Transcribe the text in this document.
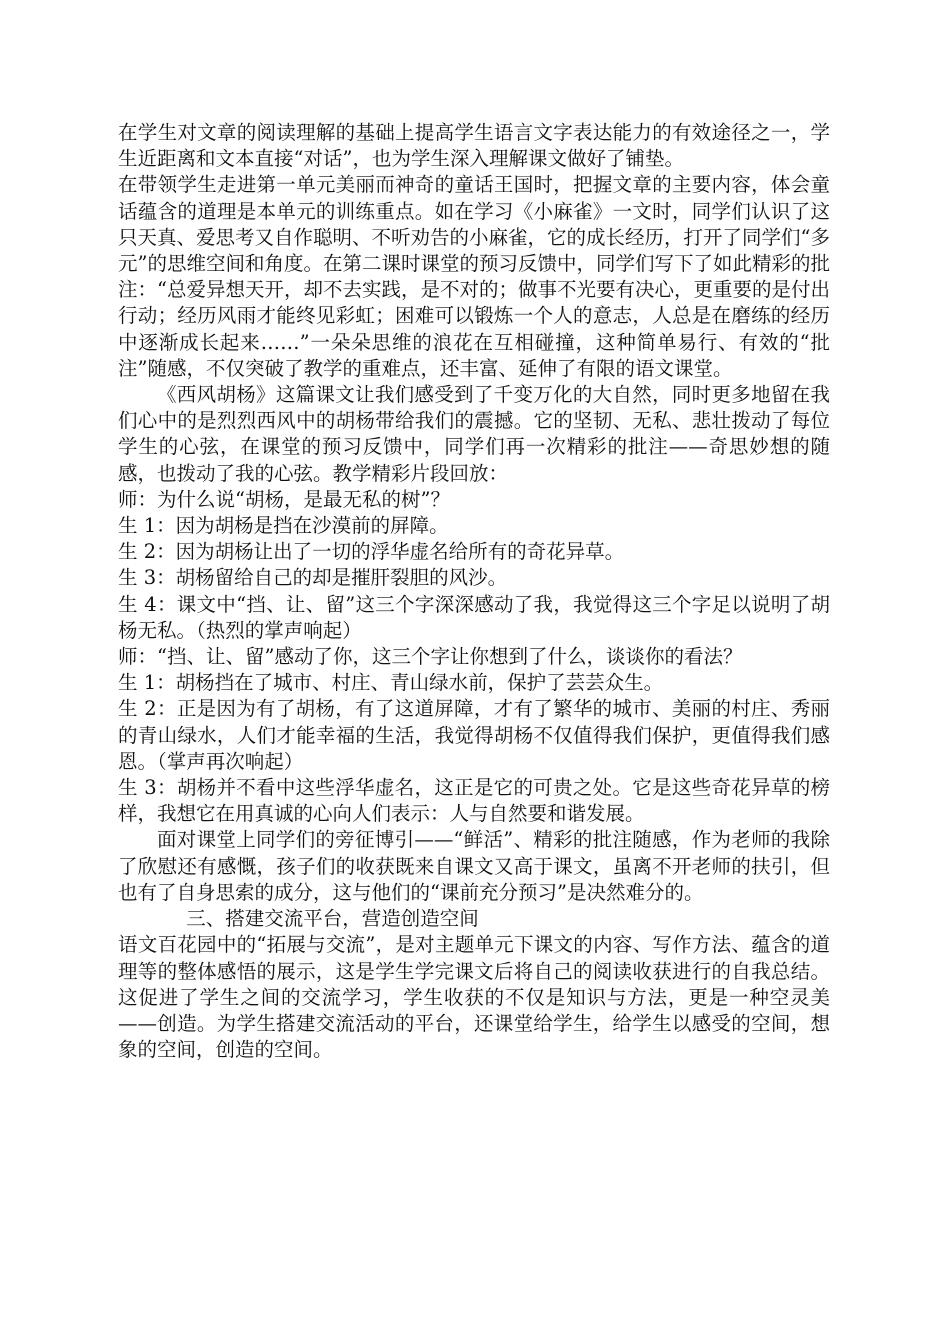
在学生对文章的阅读理解的基础上提高学生语言文字表达能力的有效途径之一，学生近距离和文本直接“对话”，也为学生深入理解课文做好了铺垫。

在带领学生走进第一单元美丽而神奇的童话王国时，把握文章的主要内容，体会童话蕴含的道理是本单元的训练重点。如在学习《小麻雀》一文时，同学们认识了这只天真、爱思考又自作聪明、不听劝告的小麻雀，它的成长经历，打开了同学们“多元”的思维空间和角度。在第二课时课堂的预习反馈中，同学们写下了如此精彩的批注：“总爱异想天开，却不去实践，是不对的；做事不光要有决心，更重要的是付出行动；经历风雨才能终见彩虹；困难可以锻炼一个人的意志，人总是在磨练的经历中逐渐成长起来……”一朵朵思维的浪花在互相碰撞，这种简单易行、有效的“批注”随感，不仅突破了教学的重难点，还丰富、延伸了有限的语文课堂。

《西风胡杨》这篇课文让我们感受到了千变万化的大自然，同时更多地留在我们心中的是烈烈西风中的胡杨带给我们的震撼。它的坚韧、无私、悲壮拨动了每位学生的心弦，在课堂的预习反馈中，同学们再一次精彩的批注——奇思妙想的随感，也拨动了我的心弦。教学精彩片段回放：

师：为什么说“胡杨，是最无私的树”？

生 1：因为胡杨是挡在沙漠前的屏障。

生 2：因为胡杨让出了一切的浮华虚名给所有的奇花异草。

生 3：胡杨留给自己的却是摧肝裂胆的风沙。

生 4：课文中“挡、让、留”这三个字深深感动了我，我觉得这三个字足以说明了胡杨无私。（热烈的掌声响起）

师：“挡、让、留”感动了你，这三个字让你想到了什么，谈谈你的看法？

生 1：胡杨挡在了城市、村庄、青山绿水前，保护了芸芸众生。

生 2：正是因为有了胡杨，有了这道屏障，才有了繁华的城市、美丽的村庄、秀丽的青山绿水，人们才能幸福的生活，我觉得胡杨不仅值得我们保护，更值得我们感恩。（掌声再次响起）

生 3：胡杨并不看中这些浮华虚名，这正是它的可贵之处。它是这些奇花异草的榜样，我想它在用真诚的心向人们表示：人与自然要和谐发展。

面对课堂上同学们的旁征博引——“鲜活”、精彩的批注随感，作为老师的我除了欣慰还有感慨，孩子们的收获既来自课文又高于课文，虽离不开老师的扶引，但也有了自身思索的成分，这与他们的“课前充分预习”是决然难分的。

三、搭建交流平台，营造创造空间

语文百花园中的“拓展与交流”，是对主题单元下课文的内容、写作方法、蕴含的道理等的整体感悟的展示，这是学生学完课文后将自己的阅读收获进行的自我总结。这促进了学生之间的交流学习，学生收获的不仅是知识与方法，更是一种空灵美——创造。为学生搭建交流活动的平台，还课堂给学生，给学生以感受的空间，想象的空间，创造的空间。
